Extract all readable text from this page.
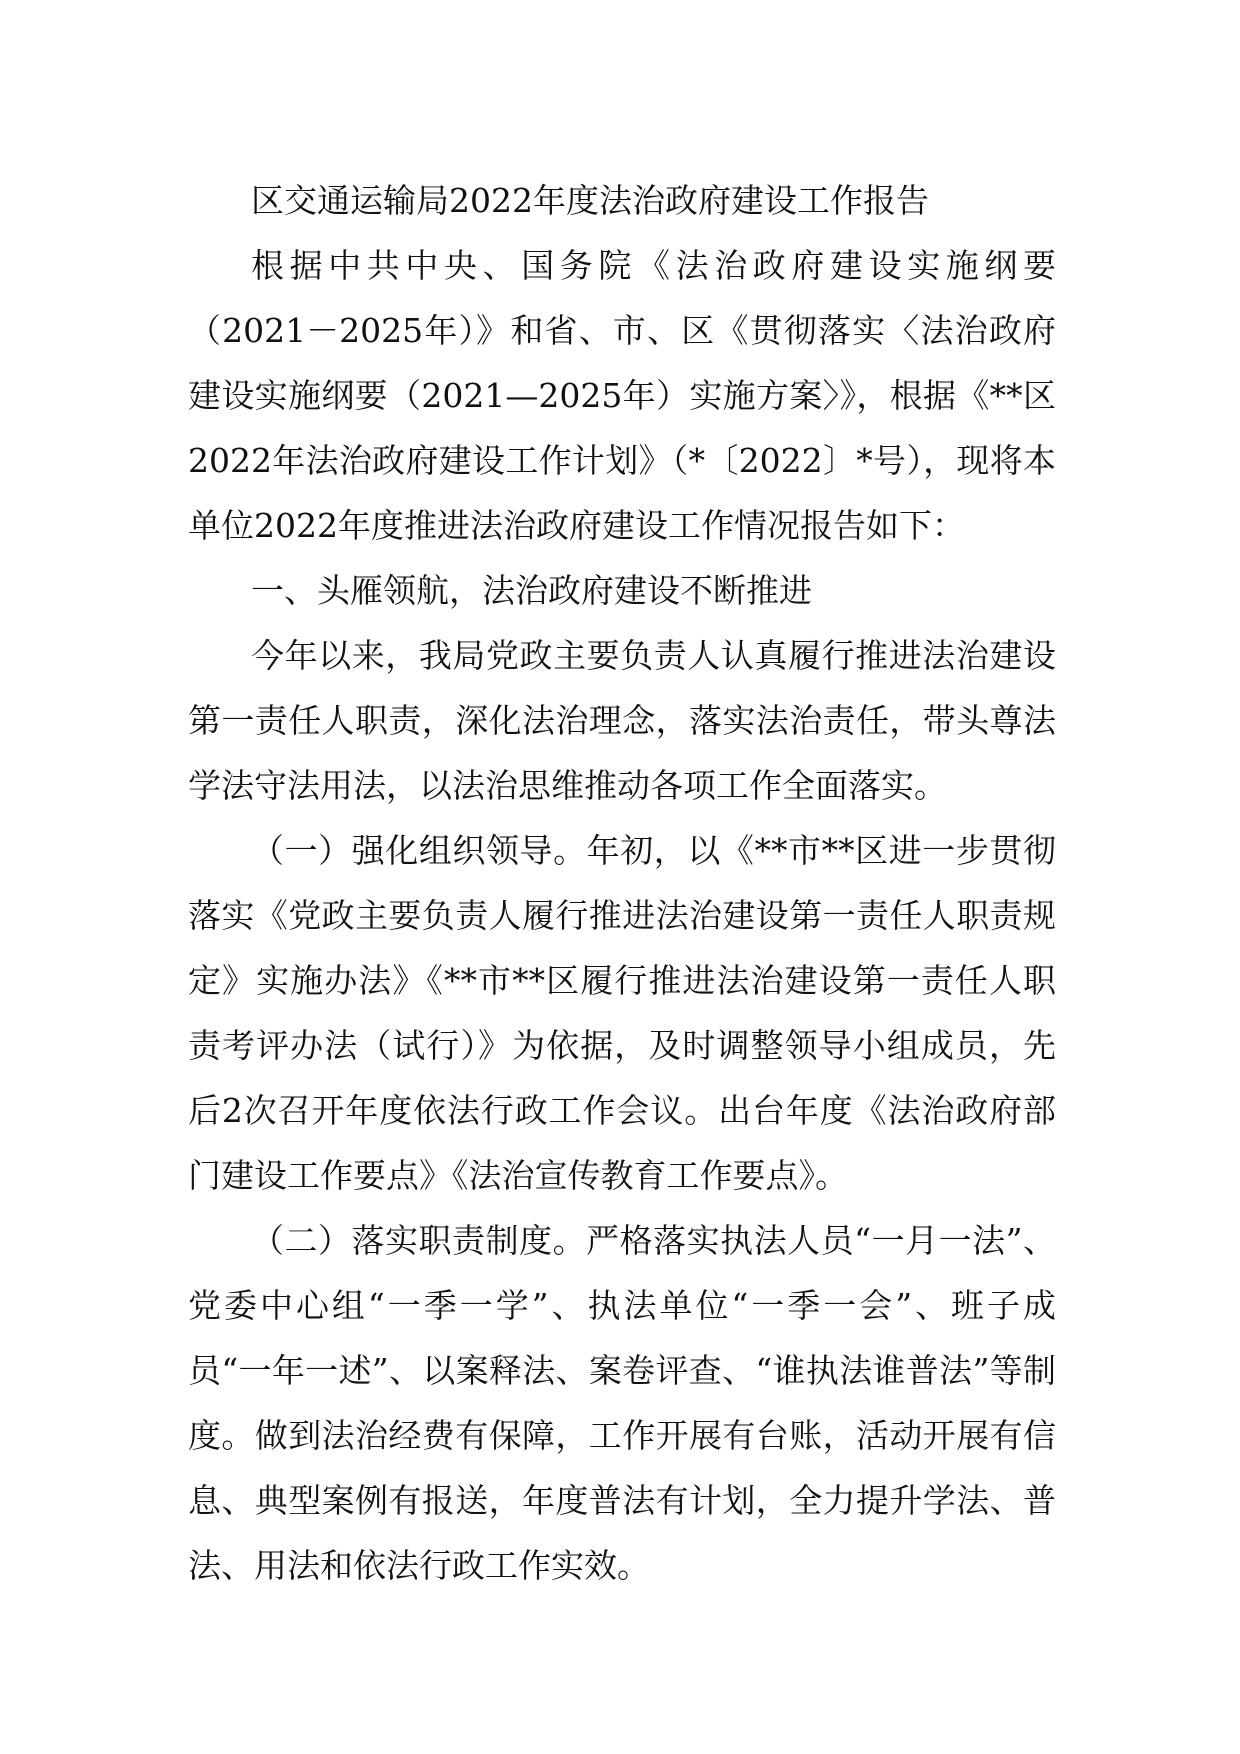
区交通运输局2022年度法治政府建设工作报告

根据中共中央、国务院《法治政府建设实施纲要（2021－2025年）》和省、市、区《贯彻落实〈法治政府建设实施纲要（2021—2025年）实施方案〉》，根据《**区2022年法治政府建设工作计划》（*〔2022〕*号），现将本单位2022年度推进法治政府建设工作情况报告如下：

一、头雁领航，法治政府建设不断推进

今年以来，我局党政主要负责人认真履行推进法治建设第一责任人职责，深化法治理念，落实法治责任，带头尊法学法守法用法，以法治思维推动各项工作全面落实。

（一）强化组织领导。年初，以《**市**区进一步贯彻落实《党政主要负责人履行推进法治建设第一责任人职责规定》实施办法》《**市**区履行推进法治建设第一责任人职责考评办法（试行）》为依据，及时调整领导小组成员，先后2次召开年度依法行政工作会议。出台年度《法治政府部门建设工作要点》《法治宣传教育工作要点》。

（二）落实职责制度。严格落实执法人员“一月一法”、党委中心组“一季一学”、执法单位“一季一会”、班子成员“一年一述”、以案释法、案卷评查、“谁执法谁普法”等制度。做到法治经费有保障，工作开展有台账，活动开展有信息、典型案例有报送，年度普法有计划，全力提升学法、普法、用法和依法行政工作实效。
